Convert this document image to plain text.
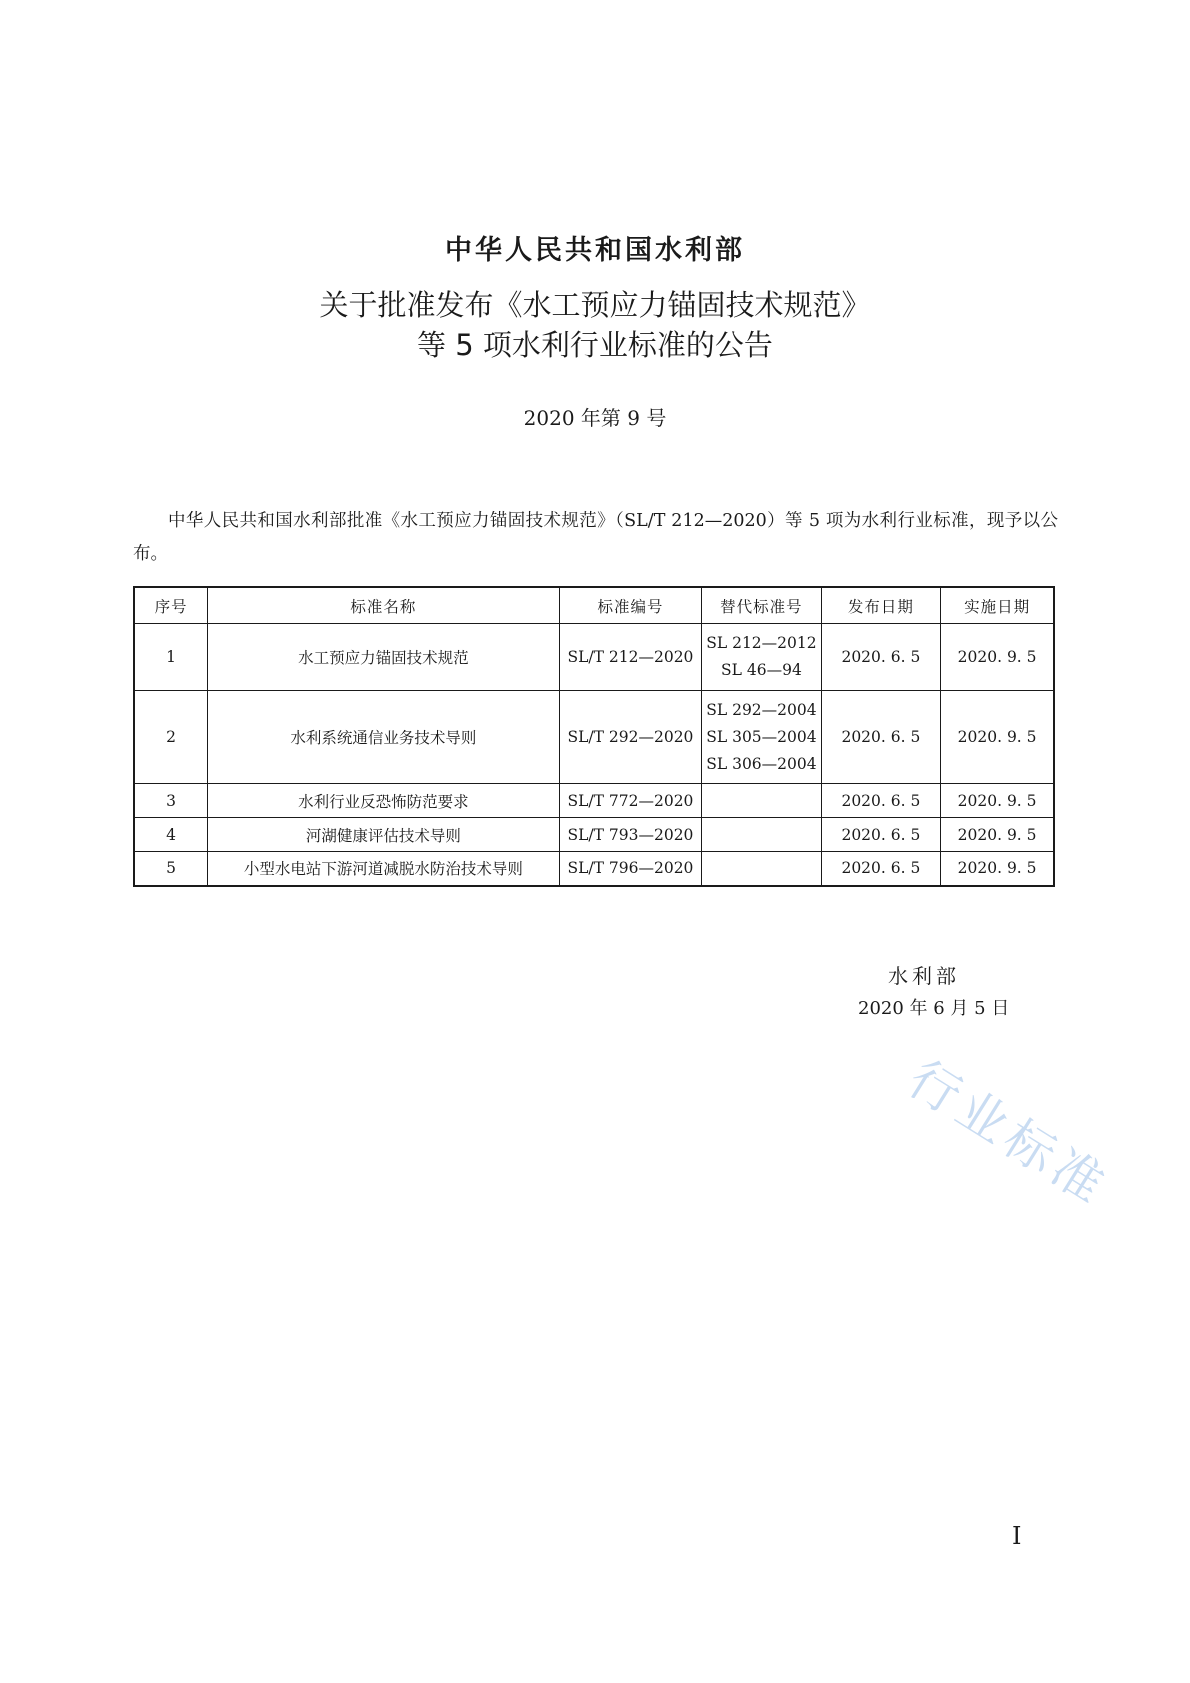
中华人民共和国水利部
关于批准发布《水工预应力锚固技术规范》
等 5 项水利行业标准的公告
2020 年第 9 号

中华人民共和国水利部批准《水工预应力锚固技术规范》（SL/T 212—2020）等 5 项为水利行业标准，现予以公布。

序号	标准名称	标准编号	替代标准号	发布日期	实施日期
1	水工预应力锚固技术规范	SL/T 212—2020	SL 212—2012
SL 46—94	2020. 6. 5	2020. 9. 5
2	水利系统通信业务技术导则	SL/T 292—2020	SL 292—2004
SL 305—2004
SL 306—2004	2020. 6. 5	2020. 9. 5
3	水利行业反恐怖防范要求	SL/T 772—2020		2020. 6. 5	2020. 9. 5
4	河湖健康评估技术导则	SL/T 793—2020		2020. 6. 5	2020. 9. 5
5	小型水电站下游河道减脱水防治技术导则	SL/T 796—2020		2020. 6. 5	2020. 9. 5
水利部
2020 年 6 月 5 日
行业标准
I
